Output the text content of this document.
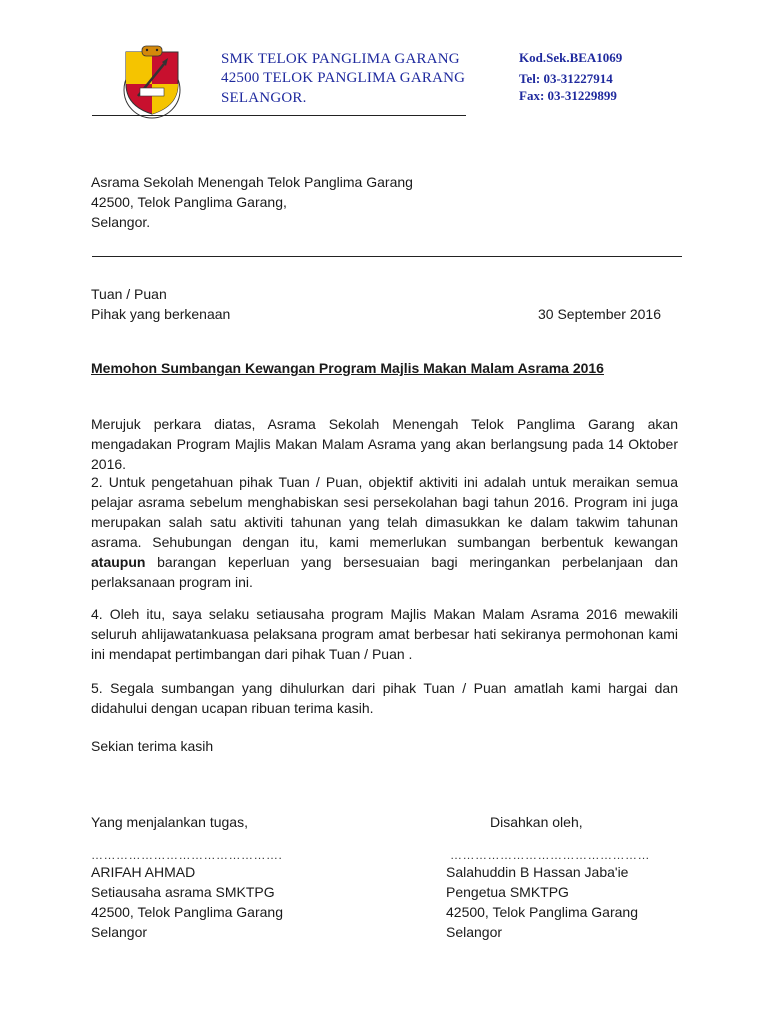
SMK TELOK PANGLIMA GARANG
42500 TELOK PANGLIMA GARANG
SELANGOR.
Kod.Sek.BEA1069
Tel: 03-31227914
Fax: 03-31229899
Asrama Sekolah Menengah Telok Panglima Garang
42500, Telok Panglima Garang,
Selangor.
Tuan / Puan
Pihak yang berkenaan	30 September 2016
Memohon Sumbangan Kewangan Program Majlis Makan Malam Asrama 2016
Merujuk perkara diatas, Asrama Sekolah Menengah Telok Panglima Garang akan mengadakan Program Majlis Makan Malam Asrama yang akan berlangsung pada 14 Oktober 2016.
2. Untuk pengetahuan pihak Tuan / Puan, objektif aktiviti ini adalah untuk meraikan semua pelajar asrama sebelum menghabiskan sesi persekolahan bagi tahun 2016. Program ini juga merupakan salah satu aktiviti tahunan yang telah dimasukkan ke dalam takwim tahunan asrama. Sehubungan dengan itu, kami memerlukan sumbangan berbentuk kewangan ataupun barangan keperluan yang bersesuaian bagi meringankan perbelanjaan dan perlaksanaan program ini.
4. Oleh itu, saya selaku setiausaha program Majlis Makan Malam Asrama 2016 mewakili seluruh ahlijawatankuasa pelaksana program amat berbesar hati sekiranya permohonan kami ini mendapat pertimbangan dari pihak Tuan / Puan .
5. Segala sumbangan yang dihulurkan dari pihak Tuan / Puan amatlah kami hargai dan didahului dengan ucapan ribuan terima kasih.
Sekian terima kasih
Yang menjalankan tugas,
……………………………………….
ARIFAH AHMAD
Setiausaha asrama SMKTPG
42500, Telok Panglima Garang
Selangor
Disahkan oleh,
…………………………………………
Salahuddin B Hassan Jaba'ie
Pengetua SMKTPG
42500, Telok Panglima Garang
Selangor
